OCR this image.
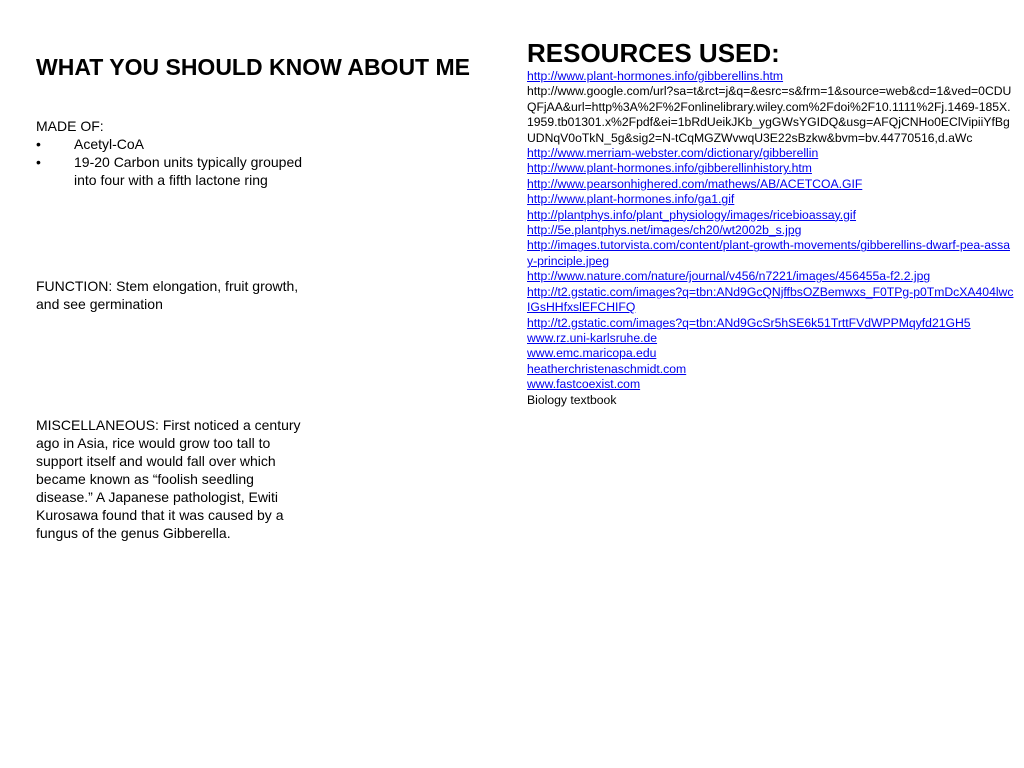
WHAT YOU SHOULD KNOW ABOUT ME
MADE OF:
• Acetyl-CoA
• 19-20 Carbon units typically grouped into four with a fifth lactone ring
FUNCTION: Stem elongation, fruit growth, and see germination
MISCELLANEOUS: First noticed a century ago in Asia, rice would grow too tall to support itself and would fall over which became known as “foolish seedling disease.” A Japanese pathologist, Ewiti Kurosawa found that it was caused by a fungus of the genus Gibberella.
RESOURCES USED:
http://www.plant-hormones.info/gibberellins.htm
http://www.google.com/url?sa=t&rct=j&q=&esrc=s&frm=1&source=web&cd=1&ved=0CDUQFjAA&url=http%3A%2F%2Fonlinelibrary.wiley.com%2Fdoi%2F10.1111%2Fj.1469-185X.1959.tb01301.x%2Fpdf&ei=1bRdUeikJKb_ygGWsYGIDQ&usg=AFQjCNHo0EClVipiiYfBgUDNqV0oTkN_5g&sig2=N-tCqMGZWvwqU3E22sBzkw&bvm=bv.44770516,d.aWc
http://www.merriam-webster.com/dictionary/gibberellin
http://www.plant-hormones.info/gibberellinhistory.htm
http://www.pearsonhighered.com/mathews/AB/ACETCOA.GIF
http://www.plant-hormones.info/ga1.gif
http://plantphys.info/plant_physiology/images/ricebioassay.gif
http://5e.plantphys.net/images/ch20/wt2002b_s.jpg
http://images.tutorvista.com/content/plant-growth-movements/gibberellins-dwarf-pea-assay-principle.jpeg
http://www.nature.com/nature/journal/v456/n7221/images/456455a-f2.2.jpg
http://t2.gstatic.com/images?q=tbn:ANd9GcQNjffbsOZBemwxs_F0TPg-p0TmDcXA404lwcIGsHHfxslEFCHIFQ
http://t2.gstatic.com/images?q=tbn:ANd9GcSr5hSE6k51TrttFVdWPPMqyfd21GH5
www.rz.uni-karlsruhe.de
www.emc.maricopa.edu
heatherchristenaschmidt.com
www.fastcoexist.com
Biology textbook
